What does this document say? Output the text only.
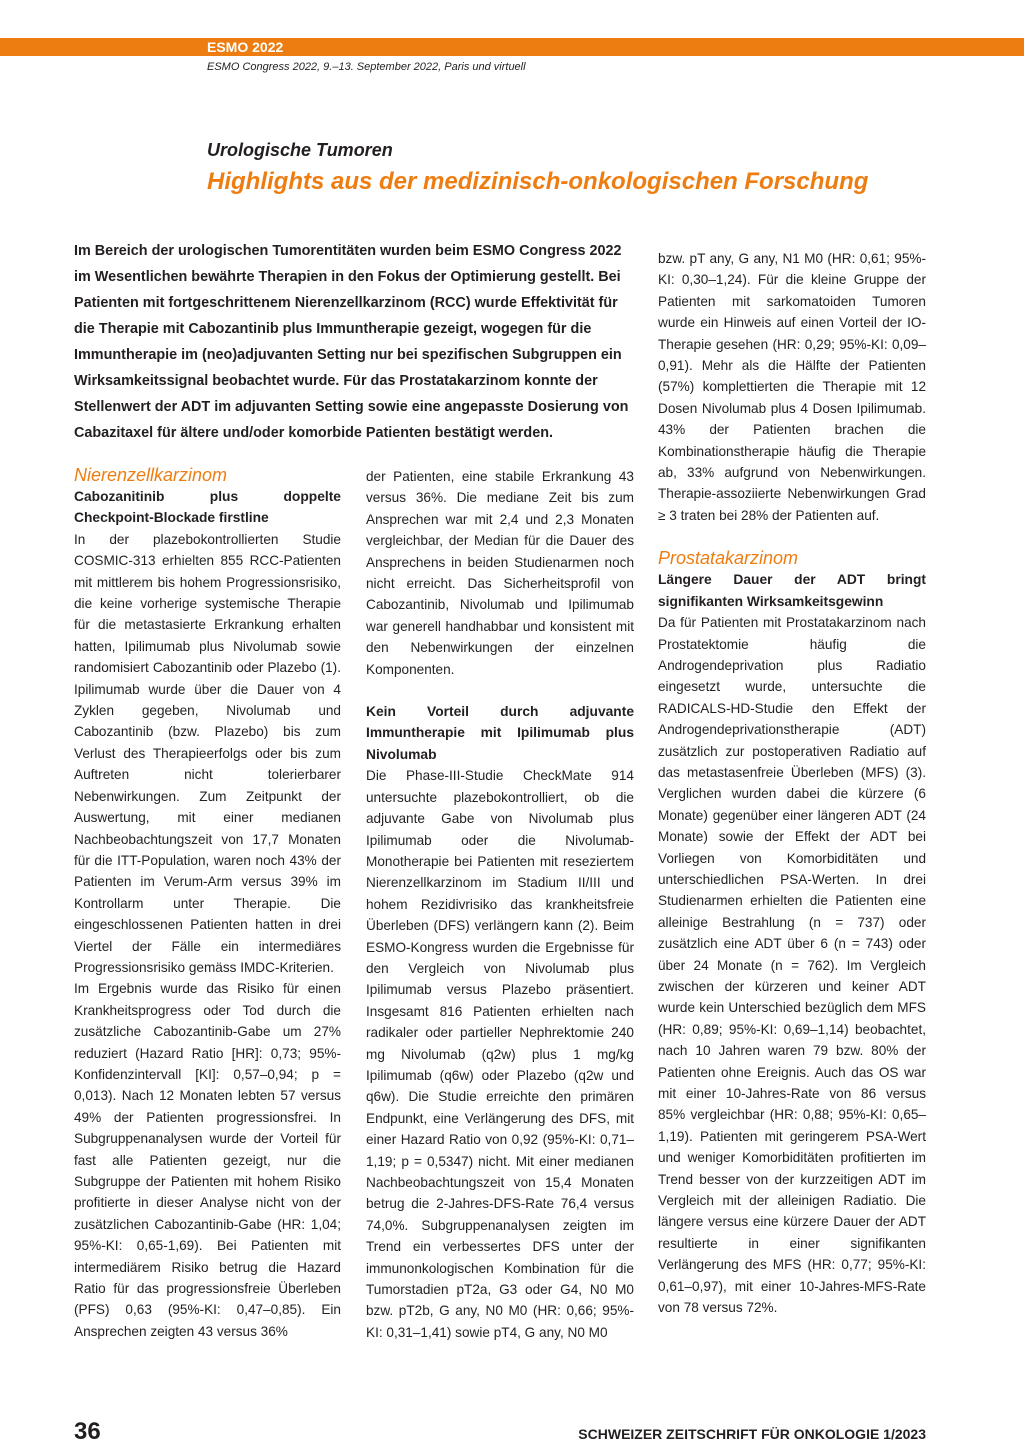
ESMO 2022
ESMO Congress 2022, 9.–13. September 2022, Paris und virtuell
Urologische Tumoren
Highlights aus der medizinisch-onkologischen Forschung

Im Bereich der urologischen Tumorentitäten wurden beim ESMO Congress 2022 im Wesentlichen bewährte Therapien in den Fokus der Optimierung gestellt. Bei Patienten mit fortgeschrittenem Nierenzellkarzinom (RCC) wurde Effektivität für die Therapie mit Cabozantinib plus Immuntherapie gezeigt, wogegen für die Immuntherapie im (neo)adjuvanten Setting nur bei spezifischen Subgruppen ein Wirksamkeitssignal beobachtet wurde. Für das Prostatakarzinom konnte der Stellenwert der ADT im adjuvanten Setting sowie eine angepasste Dosierung von Cabazitaxel für ältere und/oder komorbide Patienten bestätigt werden.

Nierenzellkarzinom

Cabozanitinib plus doppelte Checkpoint-Blockade firstline

In der plazebokontrollierten Studie COSMIC-313 erhielten 855 RCC-Patienten mit mittlerem bis hohem Progressionsrisiko, die keine vorherige systemische Therapie für die metastasierte Erkrankung erhalten hatten, Ipilimumab plus Nivolumab sowie randomisiert Cabozantinib oder Plazebo (1). Ipilimumab wurde über die Dauer von 4 Zyklen gegeben, Nivolumab und Cabozantinib (bzw. Plazebo) bis zum Verlust des Therapieerfolgs oder bis zum Auftreten nicht tolerierbarer Nebenwirkungen. Zum Zeitpunkt der Auswertung, mit einer medianen Nachbeobachtungszeit von 17,7 Monaten für die ITT-Population, waren noch 43% der Patienten im Verum-Arm versus 39% im Kontrollarm unter Therapie. Die eingeschlossenen Patienten hatten in drei Viertel der Fälle ein intermediäres Progressionsrisiko gemäss IMDC-Kriterien.

Im Ergebnis wurde das Risiko für einen Krankheitsprogress oder Tod durch die zusätzliche Cabozantinib-Gabe um 27% reduziert (Hazard Ratio [HR]: 0,73; 95%-Konfidenzintervall [KI]: 0,57–0,94; p = 0,013). Nach 12 Monaten lebten 57 versus 49% der Patienten progressionsfrei. In Subgruppenanalysen wurde der Vorteil für fast alle Patienten gezeigt, nur die Subgruppe der Patienten mit hohem Risiko profitierte in dieser Analyse nicht von der zusätzlichen Cabozantinib-Gabe (HR: 1,04; 95%-KI: 0,65-1,69). Bei Patienten mit intermediärem Risiko betrug die Hazard Ratio für das progressionsfreie Überleben (PFS) 0,63 (95%-KI: 0,47–0,85). Ein Ansprechen zeigten 43 versus 36%

der Patienten, eine stabile Erkrankung 43 versus 36%. Die mediane Zeit bis zum Ansprechen war mit 2,4 und 2,3 Monaten vergleichbar, der Median für die Dauer des Ansprechens in beiden Studienarmen noch nicht erreicht. Das Sicherheitsprofil von Cabozantinib, Nivolumab und Ipilimumab war generell handhabbar und konsistent mit den Nebenwirkungen der einzelnen Komponenten.

Kein Vorteil durch adjuvante Immuntherapie mit Ipilimumab plus Nivolumab

Die Phase-III-Studie CheckMate 914 untersuchte plazebokontrolliert, ob die adjuvante Gabe von Nivolumab plus Ipilimumab oder die Nivolumab-Monotherapie bei Patienten mit reseziertem Nierenzellkarzinom im Stadium II/III und hohem Rezidivrisiko das krankheitsfreie Überleben (DFS) verlängern kann (2). Beim ESMO-Kongress wurden die Ergebnisse für den Vergleich von Nivolumab plus Ipilimumab versus Plazebo präsentiert. Insgesamt 816 Patienten erhielten nach radikaler oder partieller Nephrektomie 240 mg Nivolumab (q2w) plus 1 mg/kg Ipilimumab (q6w) oder Plazebo (q2w und q6w). Die Studie erreichte den primären Endpunkt, eine Verlängerung des DFS, mit einer Hazard Ratio von 0,92 (95%-KI: 0,71–1,19; p = 0,5347) nicht. Mit einer medianen Nachbeobachtungszeit von 15,4 Monaten betrug die 2-Jahres-DFS-Rate 76,4 versus 74,0%. Subgruppenanalysen zeigten im Trend ein verbessertes DFS unter der immunonkologischen Kombination für die Tumorstadien pT2a, G3 oder G4, N0 M0 bzw. pT2b, G any, N0 M0 (HR: 0,66; 95%-KI: 0,31–1,41) sowie pT4, G any, N0 M0

bzw. pT any, G any, N1 M0 (HR: 0,61; 95%-KI: 0,30–1,24). Für die kleine Gruppe der Patienten mit sarkomatoiden Tumoren wurde ein Hinweis auf einen Vorteil der IO-Therapie gesehen (HR: 0,29; 95%-KI: 0,09–0,91). Mehr als die Hälfte der Patienten (57%) komplettierten die Therapie mit 12 Dosen Nivolumab plus 4 Dosen Ipilimumab. 43% der Patienten brachen die Kombinationstherapie häufig die Therapie ab, 33% aufgrund von Nebenwirkungen. Therapie-assoziierte Nebenwirkungen Grad ≥ 3 traten bei 28% der Patienten auf.

Prostatakarzinom

Längere Dauer der ADT bringt signifikanten Wirksamkeitsgewinn

Da für Patienten mit Prostatakarzinom nach Prostatektomie häufig die Androgendeprivation plus Radiatio eingesetzt wurde, untersuchte die RADICALS-HD-Studie den Effekt der Androgendeprivationstherapie (ADT) zusätzlich zur postoperativen Radiatio auf das metastasenfreie Überleben (MFS) (3). Verglichen wurden dabei die kürzere (6 Monate) gegenüber einer längeren ADT (24 Monate) sowie der Effekt der ADT bei Vorliegen von Komorbiditäten und unterschiedlichen PSA-Werten. In drei Studienarmen erhielten die Patienten eine alleinige Bestrahlung (n = 737) oder zusätzlich eine ADT über 6 (n = 743) oder über 24 Monate (n = 762). Im Vergleich zwischen der kürzeren und keiner ADT wurde kein Unterschied bezüglich dem MFS (HR: 0,89; 95%-KI: 0,69–1,14) beobachtet, nach 10 Jahren waren 79 bzw. 80% der Patienten ohne Ereignis. Auch das OS war mit einer 10-Jahres-Rate von 86 versus 85% vergleichbar (HR: 0,88; 95%-KI: 0,65–1,19). Patienten mit geringerem PSA-Wert und weniger Komorbiditäten profitierten im Trend besser von der kurzzeitigen ADT im Vergleich mit der alleinigen Radiatio. Die längere versus eine kürzere Dauer der ADT resultierte in einer signifikanten Verlängerung des MFS (HR: 0,77; 95%-KI: 0,61–0,97), mit einer 10-Jahres-MFS-Rate von 78 versus 72%.

36	SCHWEIZER ZEITSCHRIFT FÜR ONKOLOGIE 1/2023
